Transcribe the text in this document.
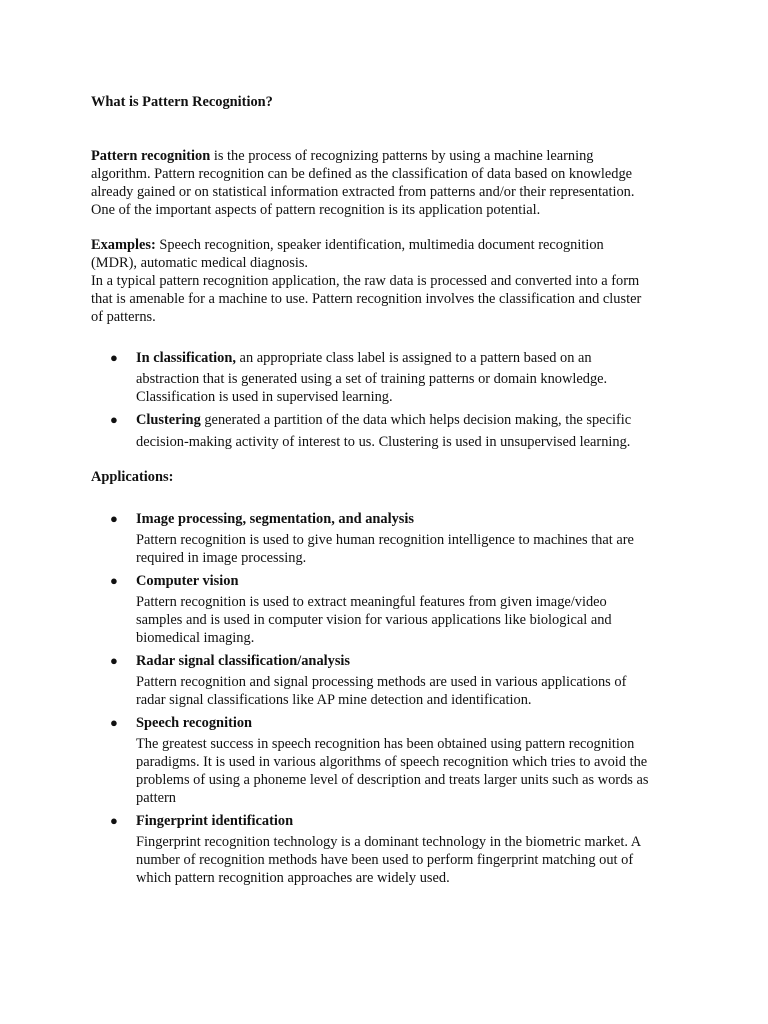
What is Pattern Recognition?
Pattern recognition is the process of recognizing patterns by using a machine learning
algorithm. Pattern recognition can be defined as the classification of data based on knowledge
already gained or on statistical information extracted from patterns and/or their representation.
One of the important aspects of pattern recognition is its application potential.
Examples: Speech recognition, speaker identification, multimedia document recognition
(MDR), automatic medical diagnosis.
In a typical pattern recognition application, the raw data is processed and converted into a form
that is amenable for a machine to use. Pattern recognition involves the classification and cluster
of patterns.
● In classification, an appropriate class label is assigned to a pattern based on an
abstraction that is generated using a set of training patterns or domain knowledge.
Classification is used in supervised learning.
● Clustering generated a partition of the data which helps decision making, the specific
decision-making activity of interest to us. Clustering is used in unsupervised learning.
Applications:
● Image processing, segmentation, and analysis
Pattern recognition is used to give human recognition intelligence to machines that are
required in image processing.
● Computer vision
Pattern recognition is used to extract meaningful features from given image/video
samples and is used in computer vision for various applications like biological and
biomedical imaging.
● Radar signal classification/analysis
Pattern recognition and signal processing methods are used in various applications of
radar signal classifications like AP mine detection and identification.
● Speech recognition
The greatest success in speech recognition has been obtained using pattern recognition
paradigms. It is used in various algorithms of speech recognition which tries to avoid the
problems of using a phoneme level of description and treats larger units such as words as
pattern
● Fingerprint identification
Fingerprint recognition technology is a dominant technology in the biometric market. A
number of recognition methods have been used to perform fingerprint matching out of
which pattern recognition approaches are widely used.
